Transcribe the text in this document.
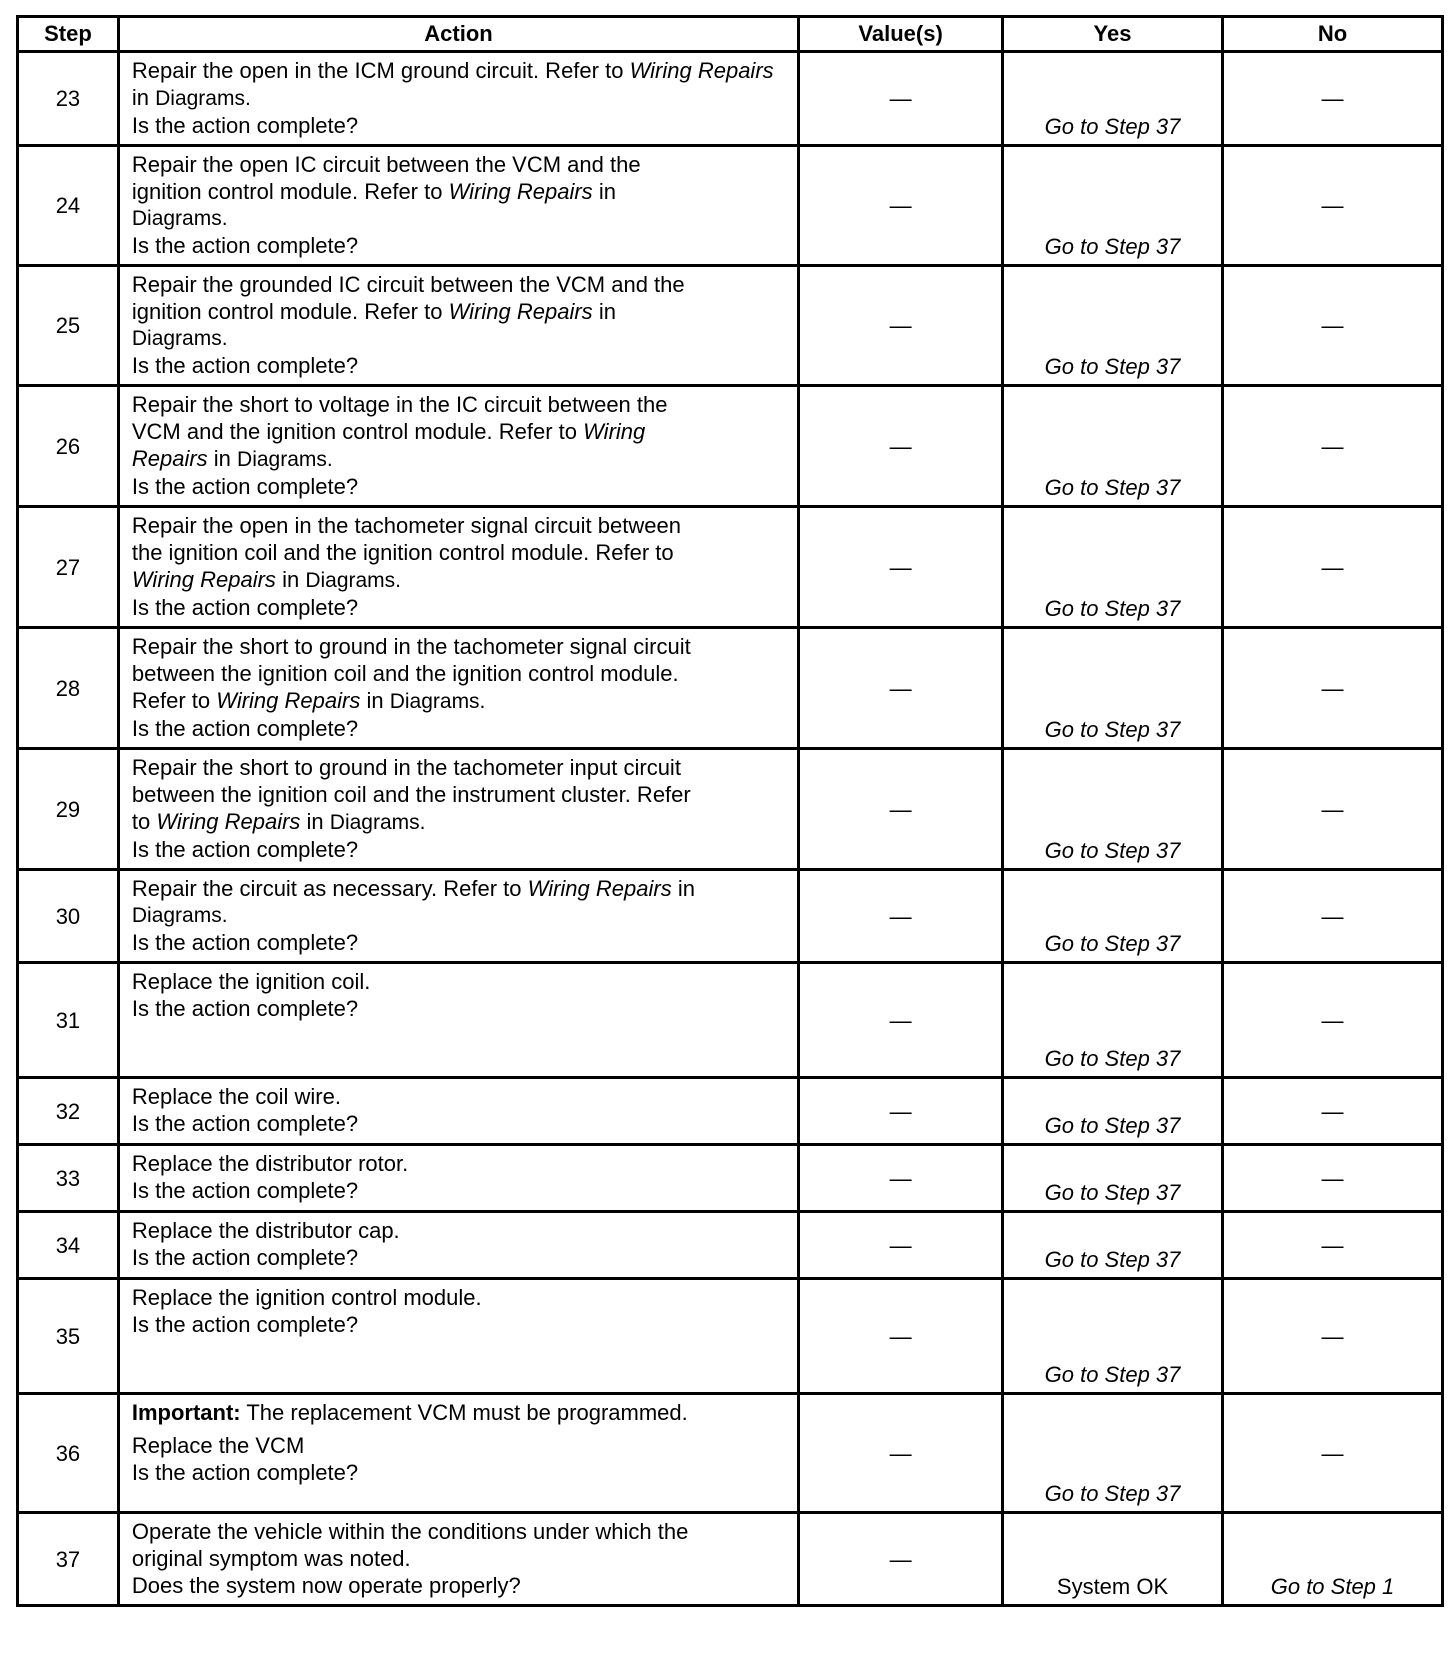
Step	Action	Value(s)	Yes	No
23	Repair the open in the ICM ground circuit. Refer to Wiring Repairs in Diagrams.
Is the action complete?	—	Go to Step 37	—
24	Repair the open IC circuit between the VCM and the
ignition control module. Refer to Wiring Repairs in
Diagrams.
Is the action complete?	—	Go to Step 37	—
25	Repair the grounded IC circuit between the VCM and the
ignition control module. Refer to Wiring Repairs in
Diagrams.
Is the action complete?	—	Go to Step 37	—
26	Repair the short to voltage in the IC circuit between the
VCM and the ignition control module. Refer to Wiring
Repairs in Diagrams.
Is the action complete?	—	Go to Step 37	—
27	Repair the open in the tachometer signal circuit between
the ignition coil and the ignition control module. Refer to
Wiring Repairs in Diagrams.
Is the action complete?	—	Go to Step 37	—
28	Repair the short to ground in the tachometer signal circuit
between the ignition coil and the ignition control module.
Refer to Wiring Repairs in Diagrams.
Is the action complete?	—	Go to Step 37	—
29	Repair the short to ground in the tachometer input circuit
between the ignition coil and the instrument cluster. Refer
to Wiring Repairs in Diagrams.
Is the action complete?	—	Go to Step 37	—
30	Repair the circuit as necessary. Refer to Wiring Repairs in
Diagrams.
Is the action complete?	—	Go to Step 37	—
31	Replace the ignition coil.
Is the action complete?	—	Go to Step 37	—
32	Replace the coil wire.
Is the action complete?	—	Go to Step 37	—
33	Replace the distributor rotor.
Is the action complete?	—	Go to Step 37	—
34	Replace the distributor cap.
Is the action complete?	—	Go to Step 37	—
35	Replace the ignition control module.
Is the action complete?	—	Go to Step 37	—
36	Important: The replacement VCM must be programmed.
Replace the VCM
Is the action complete?	—	Go to Step 37	—
37	Operate the vehicle within the conditions under which the
original symptom was noted.
Does the system now operate properly?	—	System OK	Go to Step 1
